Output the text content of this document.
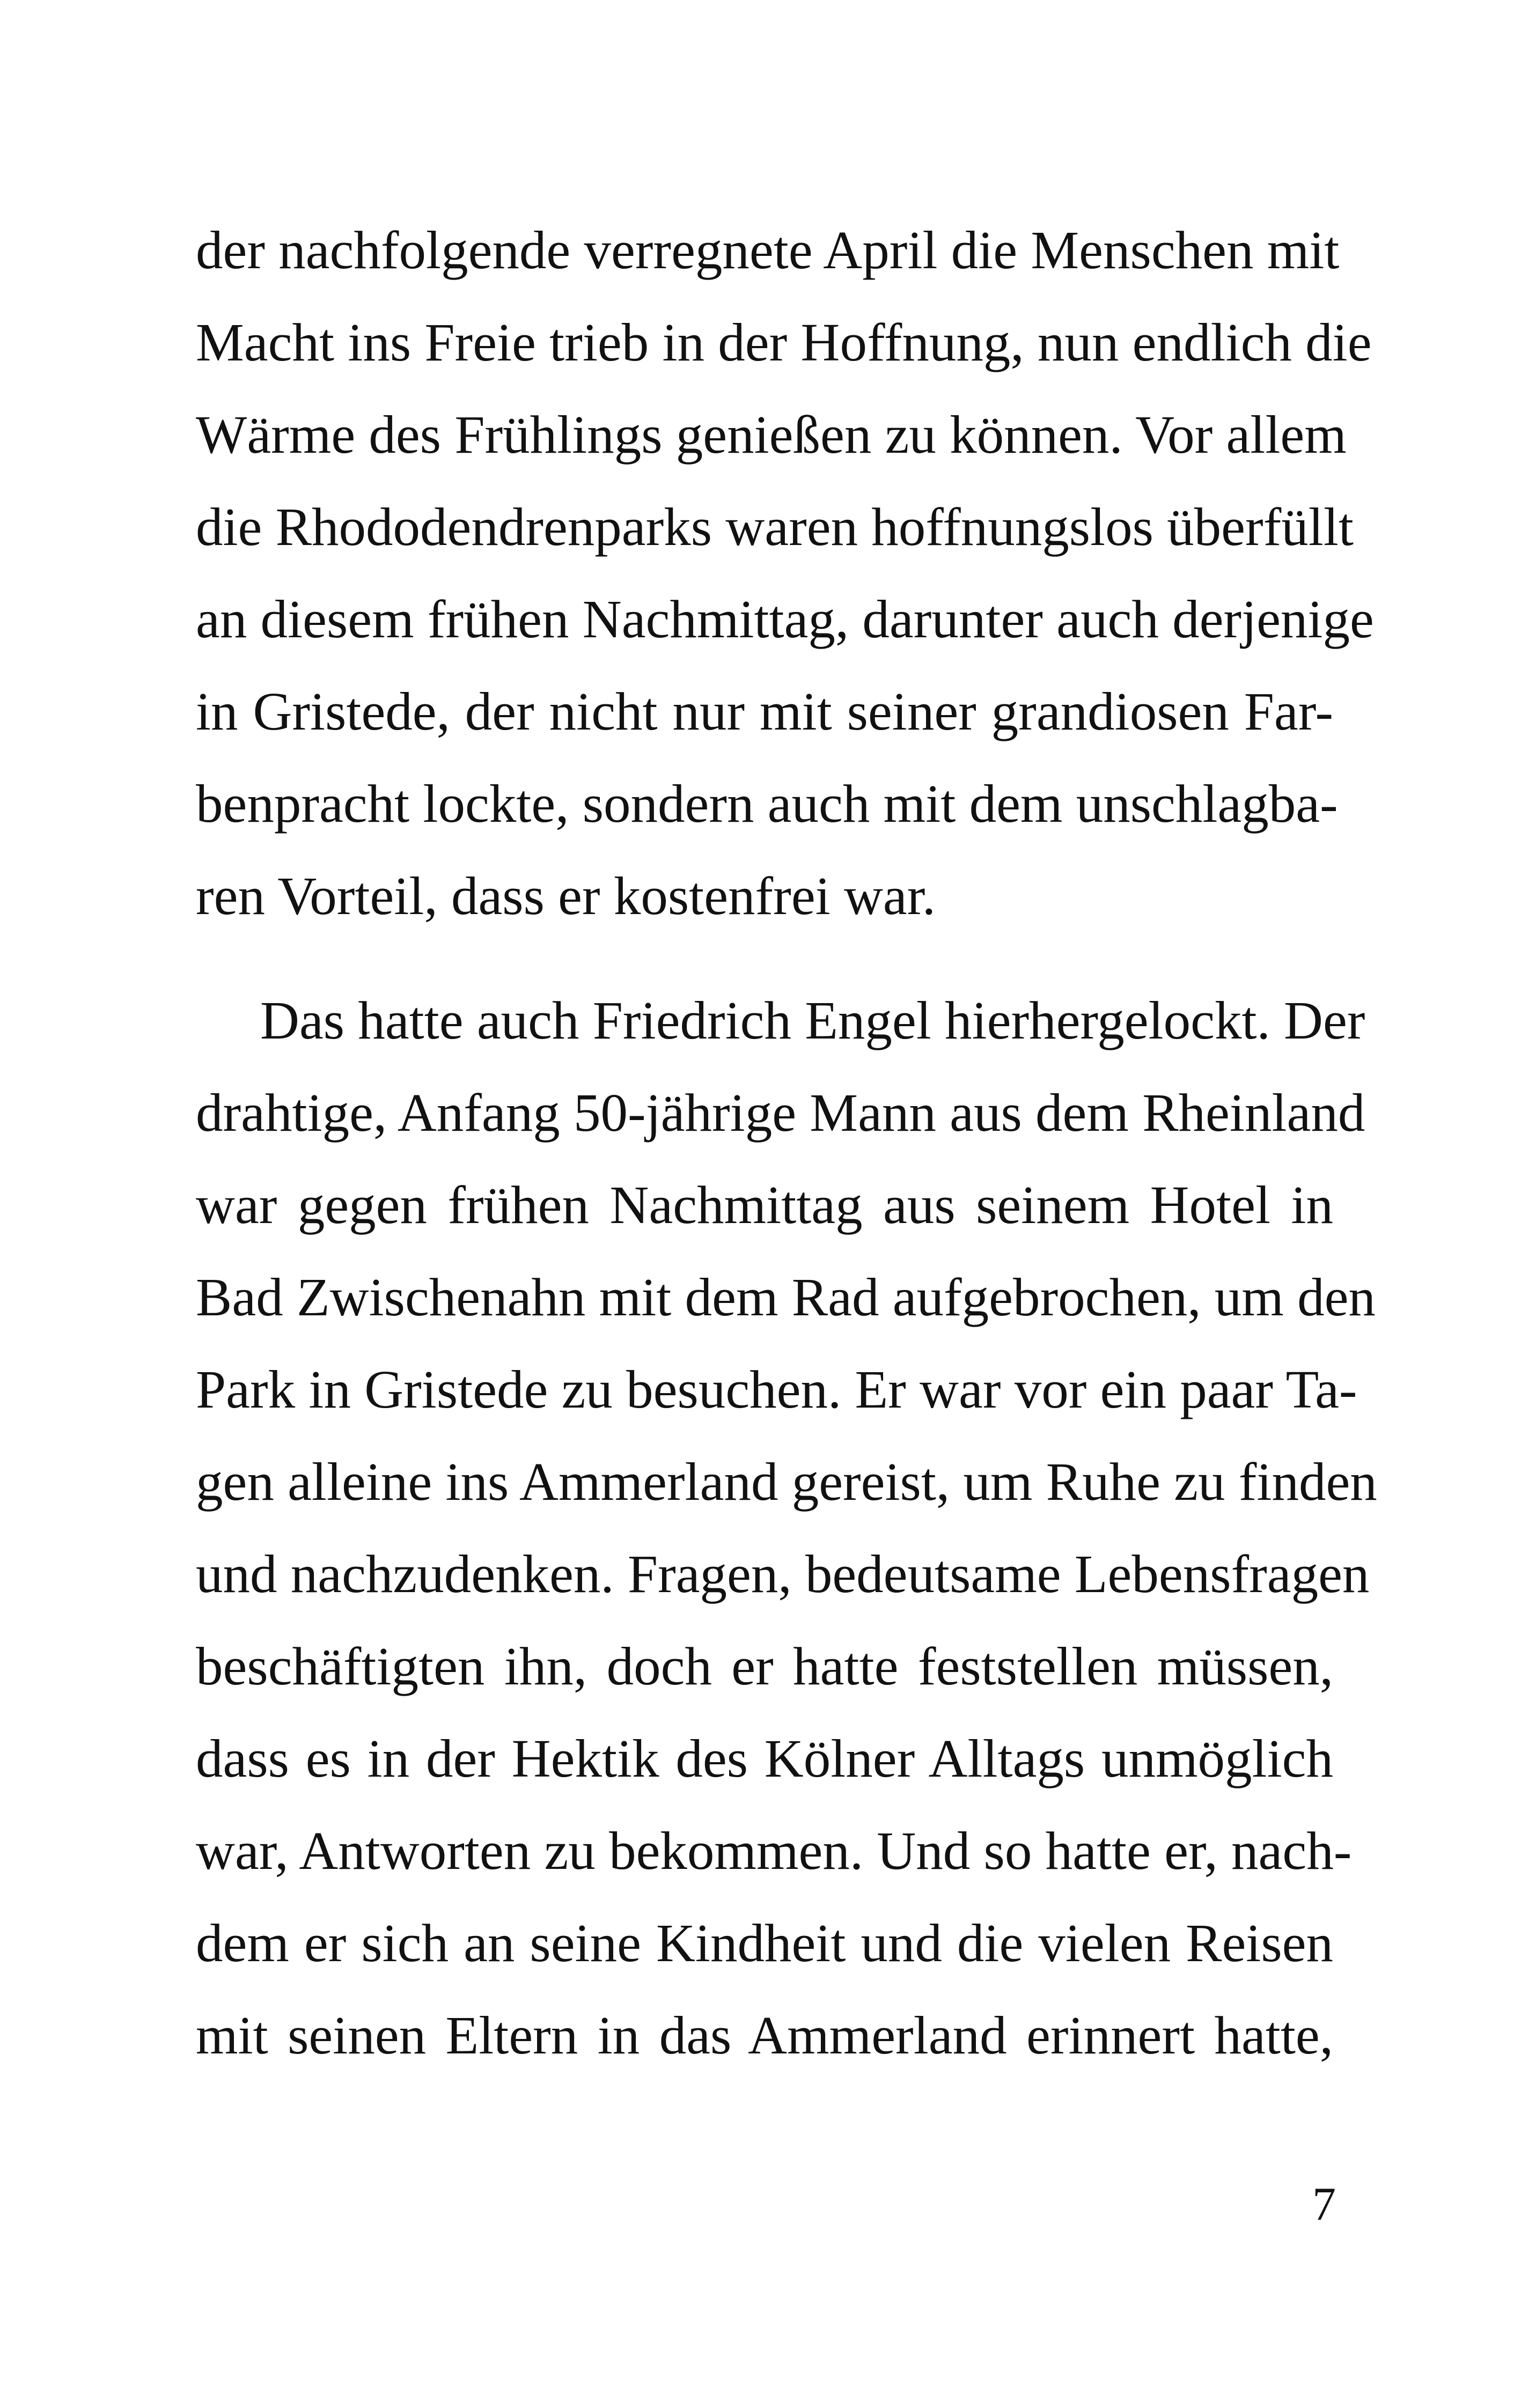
der nachfolgende verregnete April die Menschen mit
Macht ins Freie trieb in der Hoffnung, nun endlich die
Wärme des Frühlings genießen zu können. Vor allem
die Rhododendrenparks waren hoffnungslos überfüllt
an diesem frühen Nachmittag, darunter auch derjenige
in Gristede, der nicht nur mit seiner grandiosen Far-
benpracht lockte, sondern auch mit dem unschlagba-
ren Vorteil, dass er kostenfrei war.
Das hatte auch Friedrich Engel hierhergelockt. Der
drahtige, Anfang 50-jährige Mann aus dem Rheinland
war gegen frühen Nachmittag aus seinem Hotel in
Bad Zwischenahn mit dem Rad aufgebrochen, um den
Park in Gristede zu besuchen. Er war vor ein paar Ta-
gen alleine ins Ammerland gereist, um Ruhe zu finden
und nachzudenken. Fragen, bedeutsame Lebensfragen
beschäftigten ihn, doch er hatte feststellen müssen,
dass es in der Hektik des Kölner Alltags unmöglich
war, Antworten zu bekommen. Und so hatte er, nach-
dem er sich an seine Kindheit und die vielen Reisen
mit seinen Eltern in das Ammerland erinnert hatte,
7
